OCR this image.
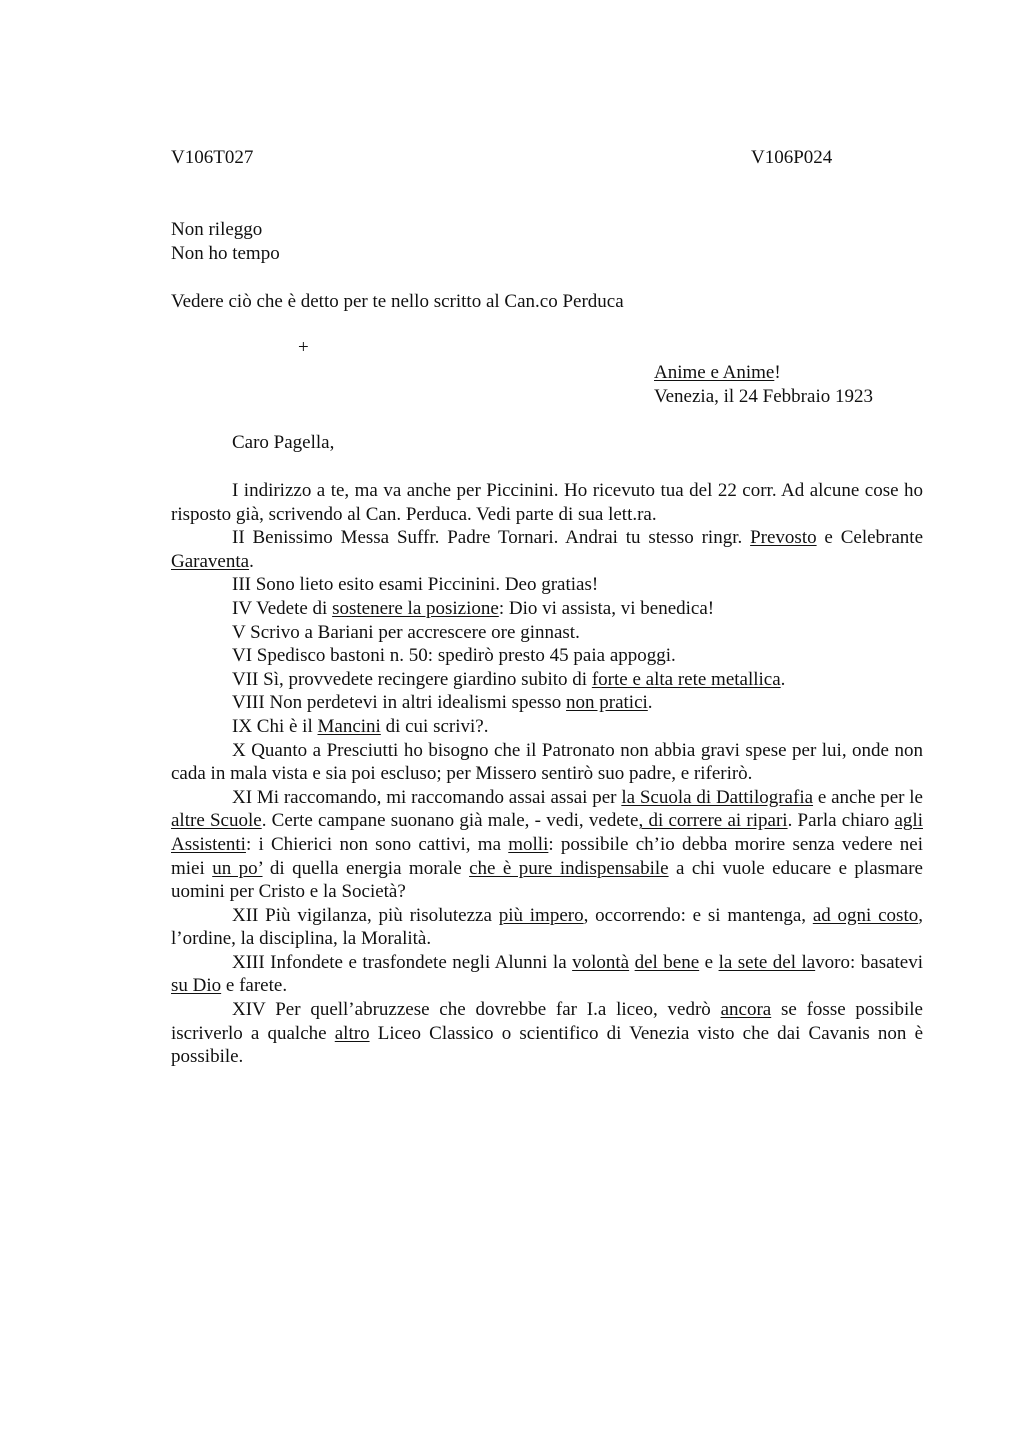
V106T027	V106P024
Non rileggo
Non ho tempo
Vedere ciò che è detto per te nello scritto al Can.co Perduca
+
Anime e Anime!
Venezia, il 24 Febbraio 1923
Caro Pagella,

I indirizzo a te, ma va anche per Piccinini. Ho ricevuto tua del 22 corr. Ad alcune cose ho risposto già, scrivendo al Can. Perduca. Vedi parte di sua lett.ra.

II Benissimo Messa Suffr. Padre Tornari. Andrai tu stesso ringr. Prevosto e Celebrante Garaventa.

III Sono lieto esito esami Piccinini. Deo gratias!

IV Vedete di sostenere la posizione: Dio vi assista, vi benedica!

V Scrivo a Bariani per accrescere ore ginnast.

VI Spedisco bastoni n. 50: spedirò presto 45 paia appoggi.

VII Sì, provvedete recingere giardino subito di forte e alta rete metallica.

VIII Non perdetevi in altri idealismi spesso non pratici.

IX Chi è il Mancini di cui scrivi?.

X Quanto a Presciutti ho bisogno che il Patronato non abbia gravi spese per lui, onde non cada in mala vista e sia poi escluso; per Missero sentirò suo padre, e riferirò.

XI Mi raccomando, mi raccomando assai assai per la Scuola di Dattilografia e anche per le altre Scuole. Certe campane suonano già male, - vedi, vedete, di correre ai ripari. Parla chiaro agli Assistenti: i Chierici non sono cattivi, ma molli: possibile ch’io debba morire senza vedere nei miei un po’ di quella energia morale che è pure indispensabile a chi vuole educare e plasmare uomini per Cristo e la Società?

XII Più vigilanza, più risolutezza più impero, occorrendo: e si mantenga, ad ogni costo, l’ordine, la disciplina, la Moralità.

XIII Infondete e trasfondete negli Alunni la volontà del bene e la sete del lavoro: basatevi su Dio e farete.

XIV Per quell’abruzzese che dovrebbe far I.a liceo, vedrò ancora se fosse possibile iscriverlo a qualche altro Liceo Classico o scientifico di Venezia visto che dai Cavanis non è possibile.
